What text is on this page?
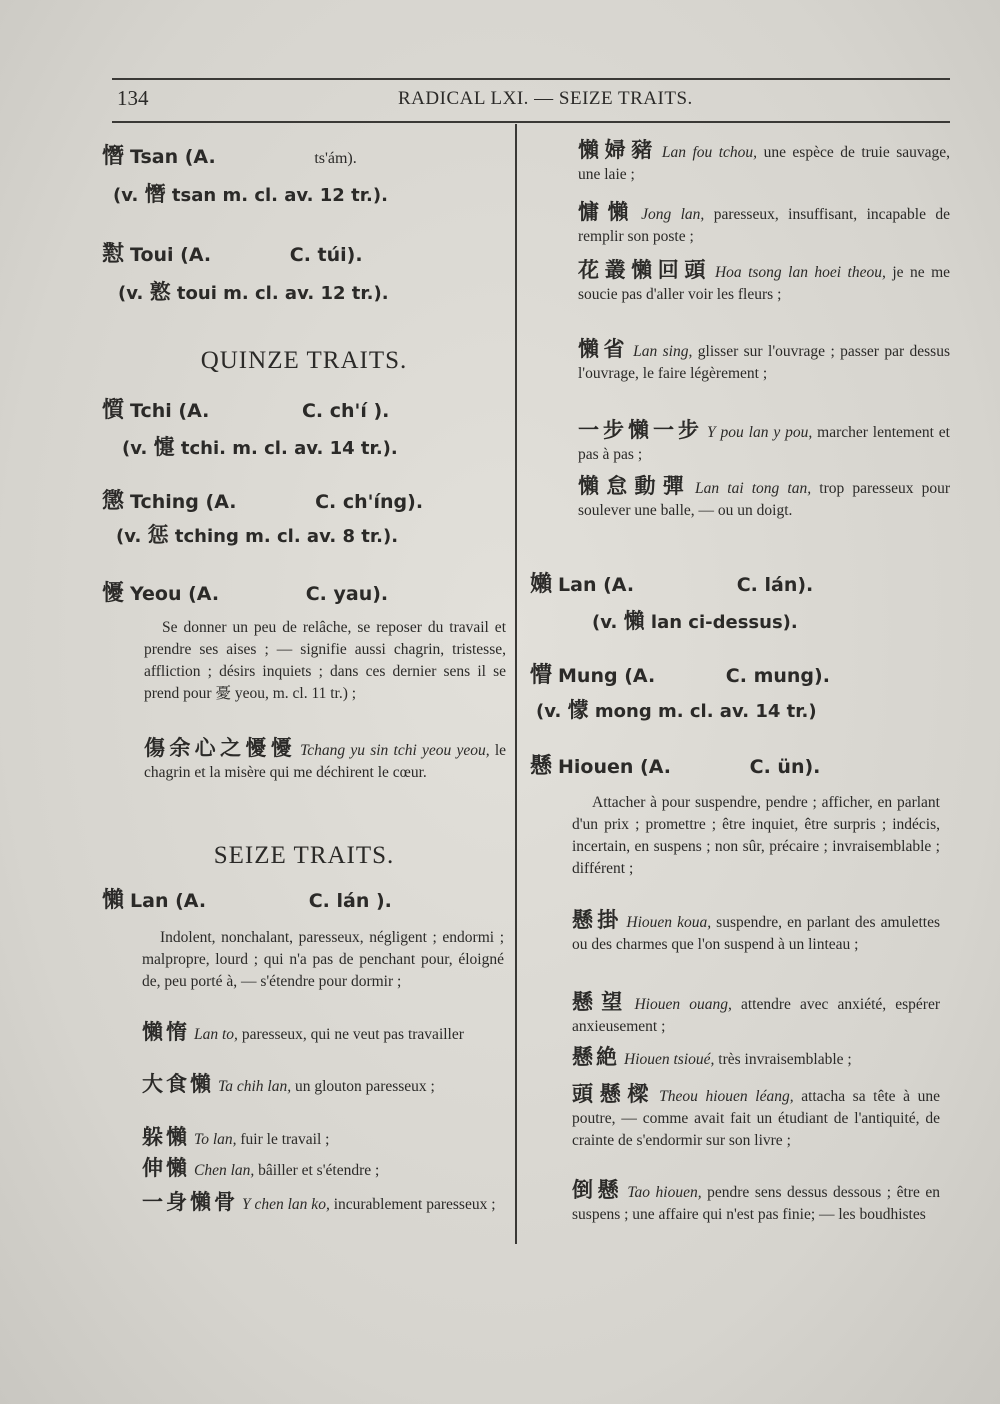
134	RADICAL LXI. — SEIZE TRAITS.
憯 Tsan (A.	ts'ám).
(v. 憯 tsan m. cl. av. 12 tr.).
懟 Toui (A.	C. túi).
(v. 憝 toui m. cl. av. 12 tr.).
QUINZE TRAITS.
懫 Tchi (A.	C. ch'í ).
(v. 懥 tchi. m. cl. av. 14 tr.).
懲 Tching (A.	C. ch'íng).
(v. 惩 tching m. cl. av. 8 tr.).
懮 Yeou (A.	C. yau).
Se donner un peu de relâche, se reposer du travail et prendre ses aises ; — signifie aussi chagrin, tristesse, affliction ; désirs inquiets ; dans ces dernier sens il se prend pour 憂 yeou, m. cl. 11 tr.) ;
傷余心之懮懮 Tchang yu sin tchi yeou yeou, le chagrin et la misère qui me déchirent le cœur.
SEIZE TRAITS.
懶 Lan (A.	C. lán ).
Indolent, nonchalant, paresseux, négligent ; endormi ; malpropre, lourd ; qui n'a pas de penchant pour, éloigné de, peu porté à, — s'étendre pour dormir ;
懶惰 Lan to, paresseux, qui ne veut pas travailler
大食懶 Ta chih lan, un glouton paresseux ;
躲懶 To lan, fuir le travail ;
伸懶 Chen lan, bâiller et s'étendre ;
一身懶骨 Y chen lan ko, incurablement paresseux ;
懶婦豬 Lan fou tchou, une espèce de truie sauvage, une laie ;
慵懶 Jong lan, paresseux, insuffisant, incapable de remplir son poste ;
花叢懶回頭 Hoa tsong lan hoei theou, je ne me soucie pas d'aller voir les fleurs ;
懶省 Lan sing, glisser sur l'ouvrage ; passer par dessus l'ouvrage, le faire légèrement ;
一步懶一步 Y pou lan y pou, marcher lentement et pas à pas ;
懶怠動彈 Lan tai tong tan, trop paresseux pour soulever une balle, — ou un doigt.
嬾 Lan (A.	C. lán).
(v. 懶 lan ci-dessus).
懵 Mung (A.	C. mung).
(v. 懞 mong m. cl. av. 14 tr.)
懸 Hiouen (A.	C. ün).
Attacher à pour suspendre, pendre ; afficher, en parlant d'un prix ; promettre ; être inquiet, être surpris ; indécis, incertain, en suspens ; non sûr, précaire ; invraisemblable ; différent ;
懸掛 Hiouen koua, suspendre, en parlant des amulettes ou des charmes que l'on suspend à un linteau ;
懸望 Hiouen ouang, attendre avec anxiété, espérer anxieusement ;
懸絶 Hiouen tsioué, très invraisemblable ;
頭懸樑 Theou hiouen léang, attacha sa tête à une poutre, — comme avait fait un étudiant de l'antiquité, de crainte de s'endormir sur son livre ;
倒懸 Tao hiouen, pendre sens dessus dessous ; être en suspens ; une affaire qui n'est pas finie; — les boudhistes
